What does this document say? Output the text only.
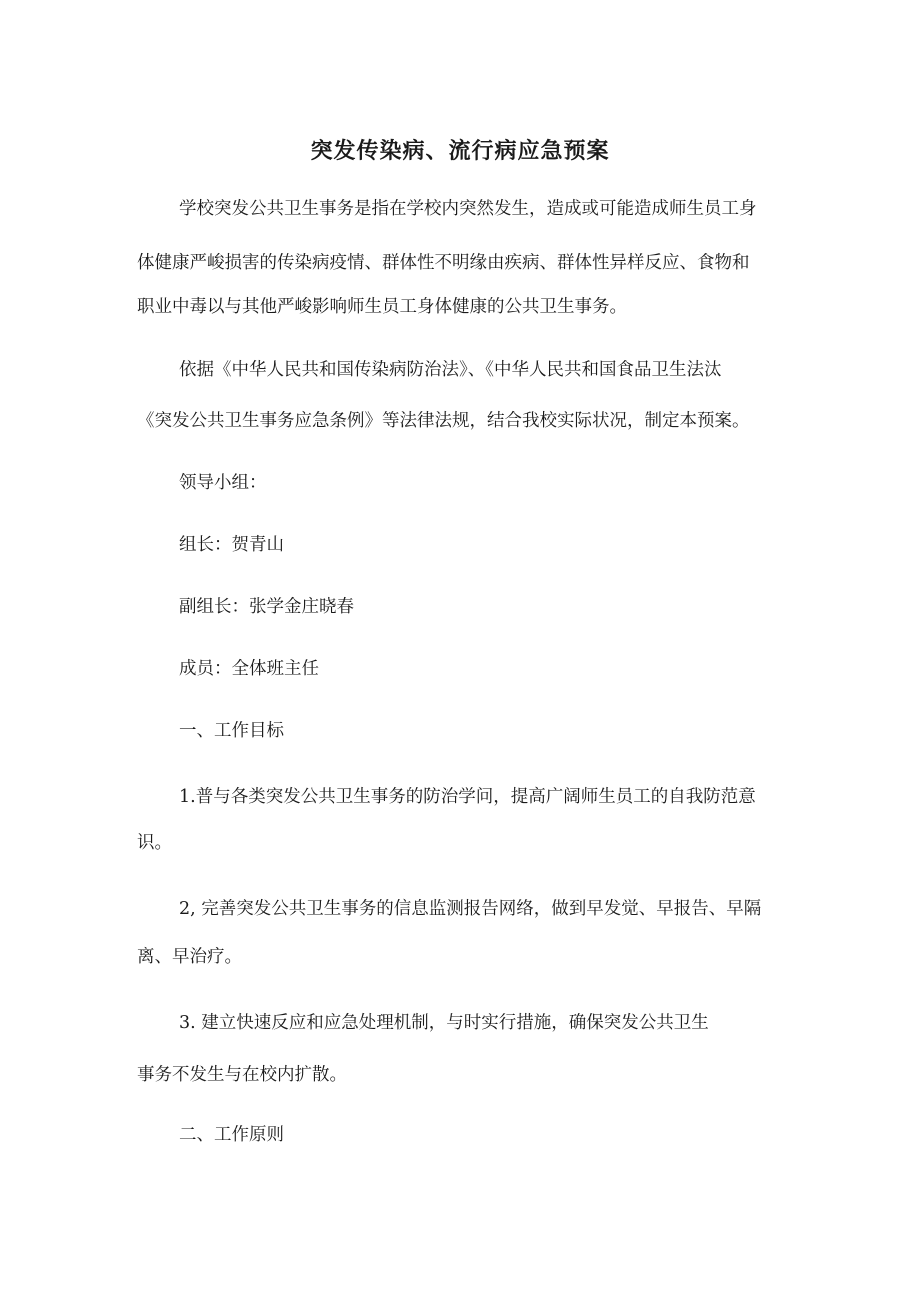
突发传染病、流行病应急预案

学校突发公共卫生事务是指在学校内突然发生，造成或可能造成师生员工身

体健康严峻损害的传染病疫情、群体性不明缘由疾病、群体性异样反应、食物和

职业中毒以与其他严峻影响师生员工身体健康的公共卫生事务。

依据《中华人民共和国传染病防治法》、《中华人民共和国食品卫生法汰

《突发公共卫生事务应急条例》等法律法规，结合我校实际状况，制定本预案。

领导小组：

组长：贺青山

副组长：张学金庄晓春

成员：全体班主任

一、工作目标

1.普与各类突发公共卫生事务的防治学问，提高广阔师生员工的自我防范意

识。

2, 完善突发公共卫生事务的信息监测报告网络，做到早发觉、早报告、早隔

离、早治疗。

3. 建立快速反应和应急处理机制，与时实行措施，确保突发公共卫生

事务不发生与在校内扩散。

二、工作原则
